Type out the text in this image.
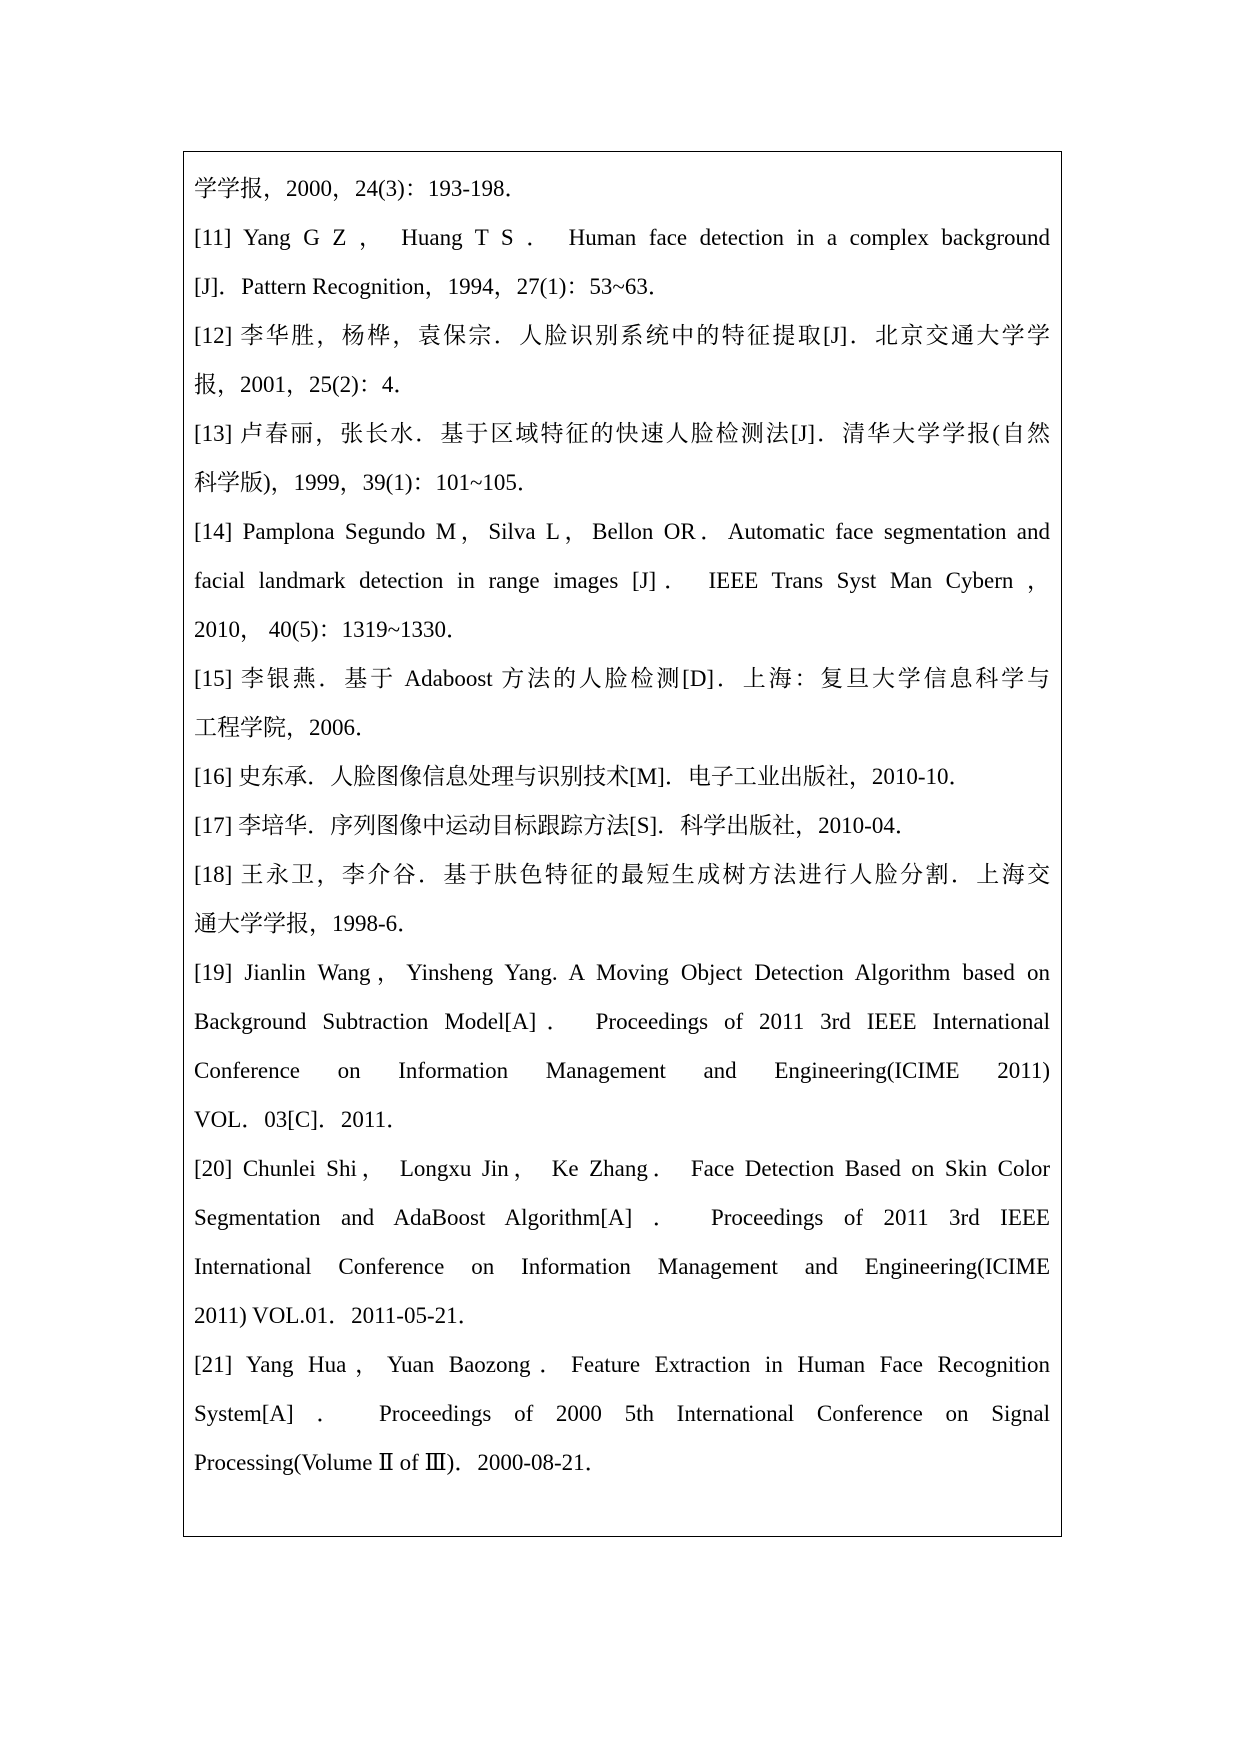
学学报，2000，24(3)：193-198．
[11] Yang G Z ， Huang T S ． Human face detection in a complex background
[J]．Pattern Recognition，1994，27(1)：53~63．
[12] 李华胜，杨桦，袁保宗．人脸识别系统中的特征提取[J]．北京交通大学学
报，2001，25(2)：4．
[13] 卢春丽，张长水．基于区域特征的快速人脸检测法[J]．清华大学学报(自然
科学版)，1999，39(1)：101~105．
[14] Pamplona Segundo M，Silva L，Bellon OR．Automatic face segmentation and
facial landmark detection in range images [J]． IEEE Trans Syst Man Cybern ，
2010， 40(5)：1319~1330．
[15] 李银燕．基于 Adaboost 方法的人脸检测[D]．上海：复旦大学信息科学与
工程学院，2006．
[16] 史东承．人脸图像信息处理与识别技术[M]．电子工业出版社，2010-10．
[17] 李培华．序列图像中运动目标跟踪方法[S]．科学出版社，2010-04．
[18] 王永卫，李介谷．基于肤色特征的最短生成树方法进行人脸分割．上海交
通大学学报，1998-6．
[19] Jianlin Wang，Yinsheng Yang. A Moving Object Detection Algorithm based on
Background Subtraction Model[A]． Proceedings of 2011 3rd IEEE International
Conference on Information Management and Engineering(ICIME 2011)
VOL．03[C]．2011．
[20] Chunlei Shi， Longxu Jin， Ke Zhang． Face Detection Based on Skin Color
Segmentation and AdaBoost Algorithm[A] ． Proceedings of 2011 3rd IEEE
International Conference on Information Management and Engineering(ICIME
2011) VOL.01．2011-05-21．
[21] Yang Hua，Yuan Baozong．Feature Extraction in Human Face Recognition
System[A] ． Proceedings of 2000 5th International Conference on Signal
Processing(Volume Ⅱ of Ⅲ)．2000-08-21．
